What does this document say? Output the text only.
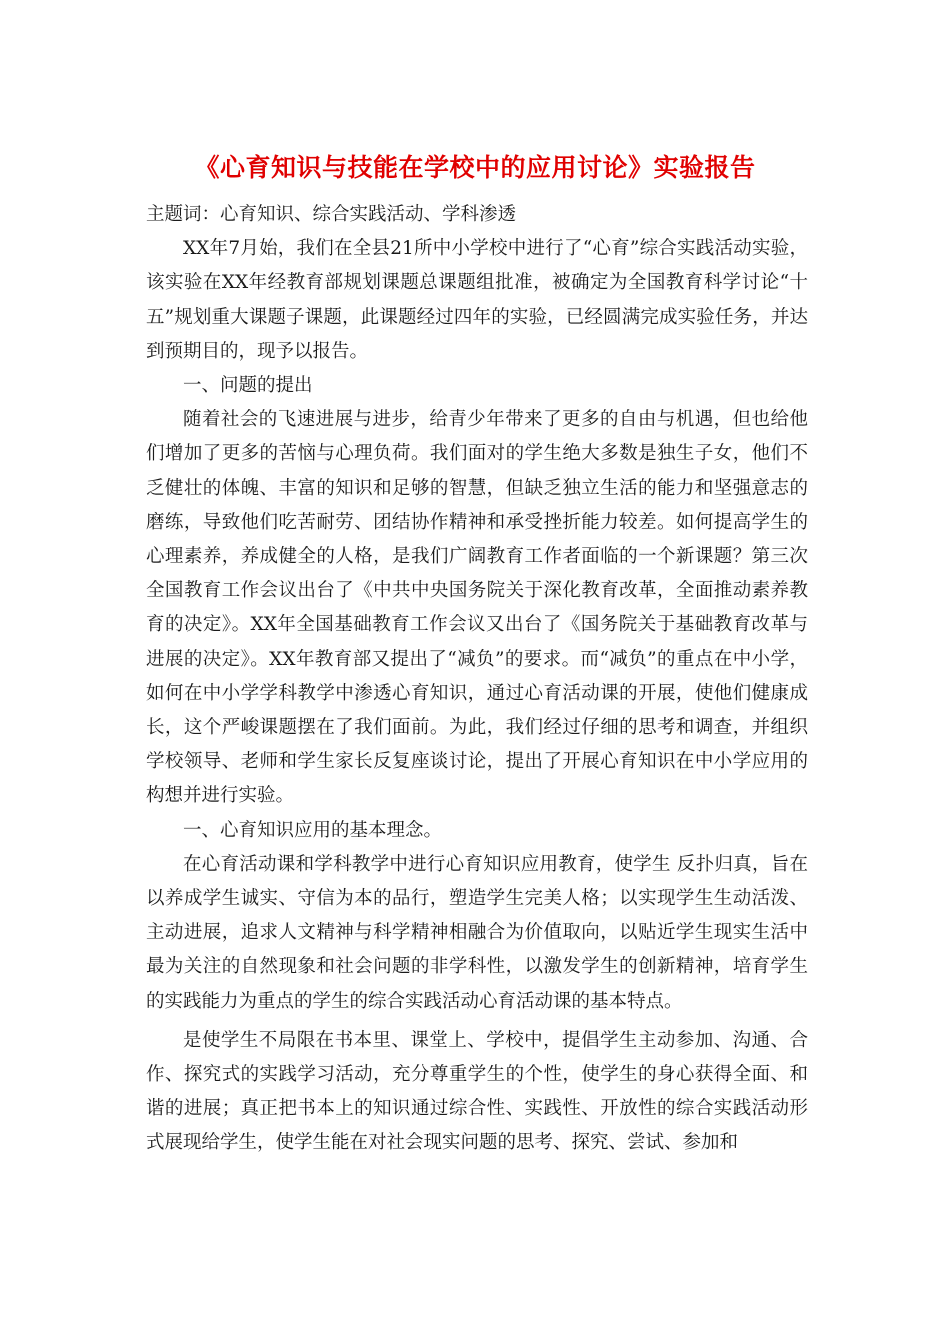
《心育知识与技能在学校中的应用讨论》实验报告

主题词：心育知识、综合实践活动、学科渗透

XX年7月始，我们在全县21所中小学校中进行了“心育”综合实践活动实验，该实验在XX年经教育部规划课题总课题组批准，被确定为全国教育科学讨论“十五”规划重大课题子课题，此课题经过四年的实验，已经圆满完成实验任务，并达到预期目的，现予以报告。

一、问题的提出

随着社会的飞速进展与进步，给青少年带来了更多的自由与机遇，但也给他们增加了更多的苦恼与心理负荷。我们面对的学生绝大多数是独生子女，他们不乏健壮的体魄、丰富的知识和足够的智慧，但缺乏独立生活的能力和坚强意志的磨练，导致他们吃苦耐劳、团结协作精神和承受挫折能力较差。如何提高学生的心理素养，养成健全的人格，是我们广阔教育工作者面临的一个新课题？第三次全国教育工作会议出台了《中共中央国务院关于深化教育改革，全面推动素养教育的决定》。XX年全国基础教育工作会议又出台了《国务院关于基础教育改革与进展的决定》。XX年教育部又提出了“减负”的要求。而“减负”的重点在中小学，如何在中小学学科教学中渗透心育知识，通过心育活动课的开展，使他们健康成长，这个严峻课题摆在了我们面前。为此，我们经过仔细的思考和调查，并组织学校领导、老师和学生家长反复座谈讨论，提出了开展心育知识在中小学应用的构想并进行实验。

一、心育知识应用的基本理念。

在心育活动课和学科教学中进行心育知识应用教育，使学生 反扑归真，旨在以养成学生诚实、守信为本的品行，塑造学生完美人格；以实现学生生动活泼、主动进展，追求人文精神与科学精神相融合为价值取向，以贴近学生现实生活中最为关注的自然现象和社会问题的非学科性，以激发学生的创新精神，培育学生的实践能力为重点的学生的综合实践活动心育活动课的基本特点。

是使学生不局限在书本里、课堂上、学校中，提倡学生主动参加、沟通、合作、探究式的实践学习活动，充分尊重学生的个性，使学生的身心获得全面、和谐的进展；真正把书本上的知识通过综合性、实践性、开放性的综合实践活动形式展现给学生，使学生能在对社会现实问题的思考、探究、尝试、参加和
